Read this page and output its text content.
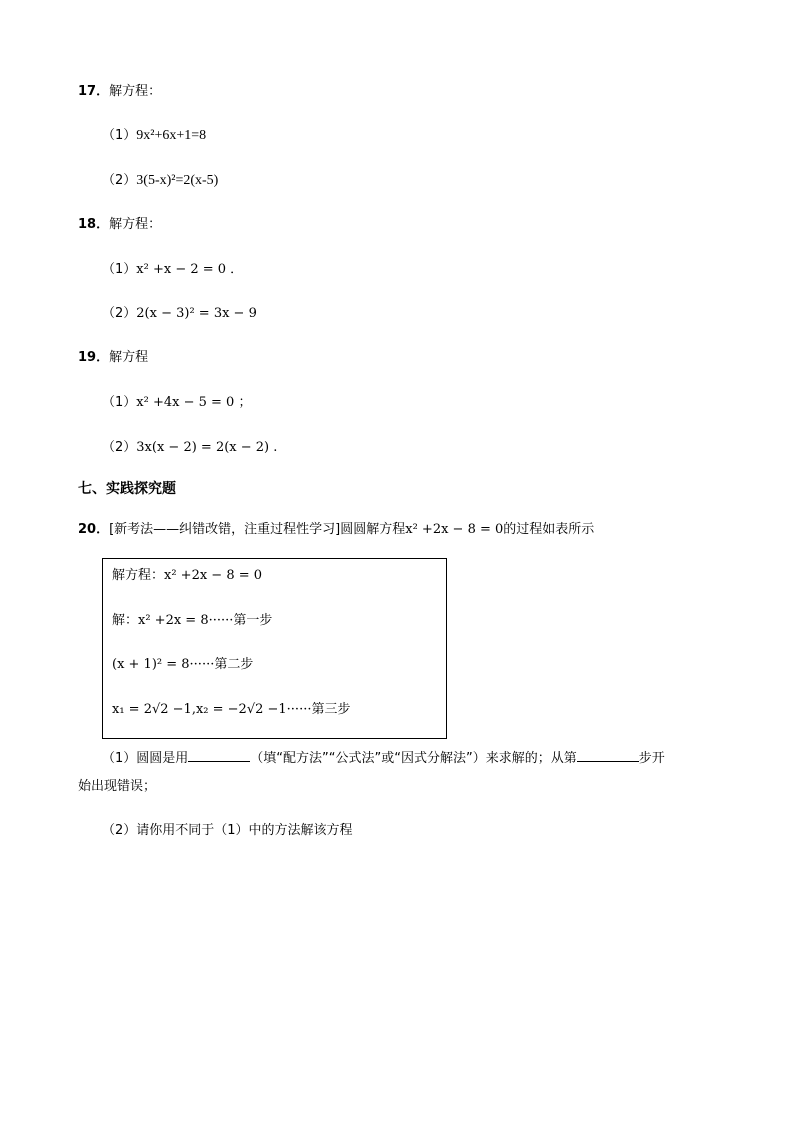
17．解方程：
（1）9x²+6x+1=8
（2）3(5-x)²=2(x-5)
18．解方程：
（1）x² +x − 2 = 0 ．
（2）2(x − 3)² = 3x − 9
19．解方程
（1）x² +4x − 5 = 0 ；
（2）3x(x − 2) = 2(x − 2) .
七、实践探究题
20．[新考法——纠错改错，注重过程性学习]圆圆解方程x² +2x − 8 = 0的过程如表所示
解方程：x² +2x − 8 = 0
解：x² +2x = 8······第一步
(x + 1)² = 8······第二步
x₁ = 2√2 −1,x₂ = −2√2 −1······第三步
（1）圆圆是用	（填“配方法”“公式法”或“因式分解法”）来求解的；从第	步开
始出现错误；
（2）请你用不同于（1）中的方法解该方程
